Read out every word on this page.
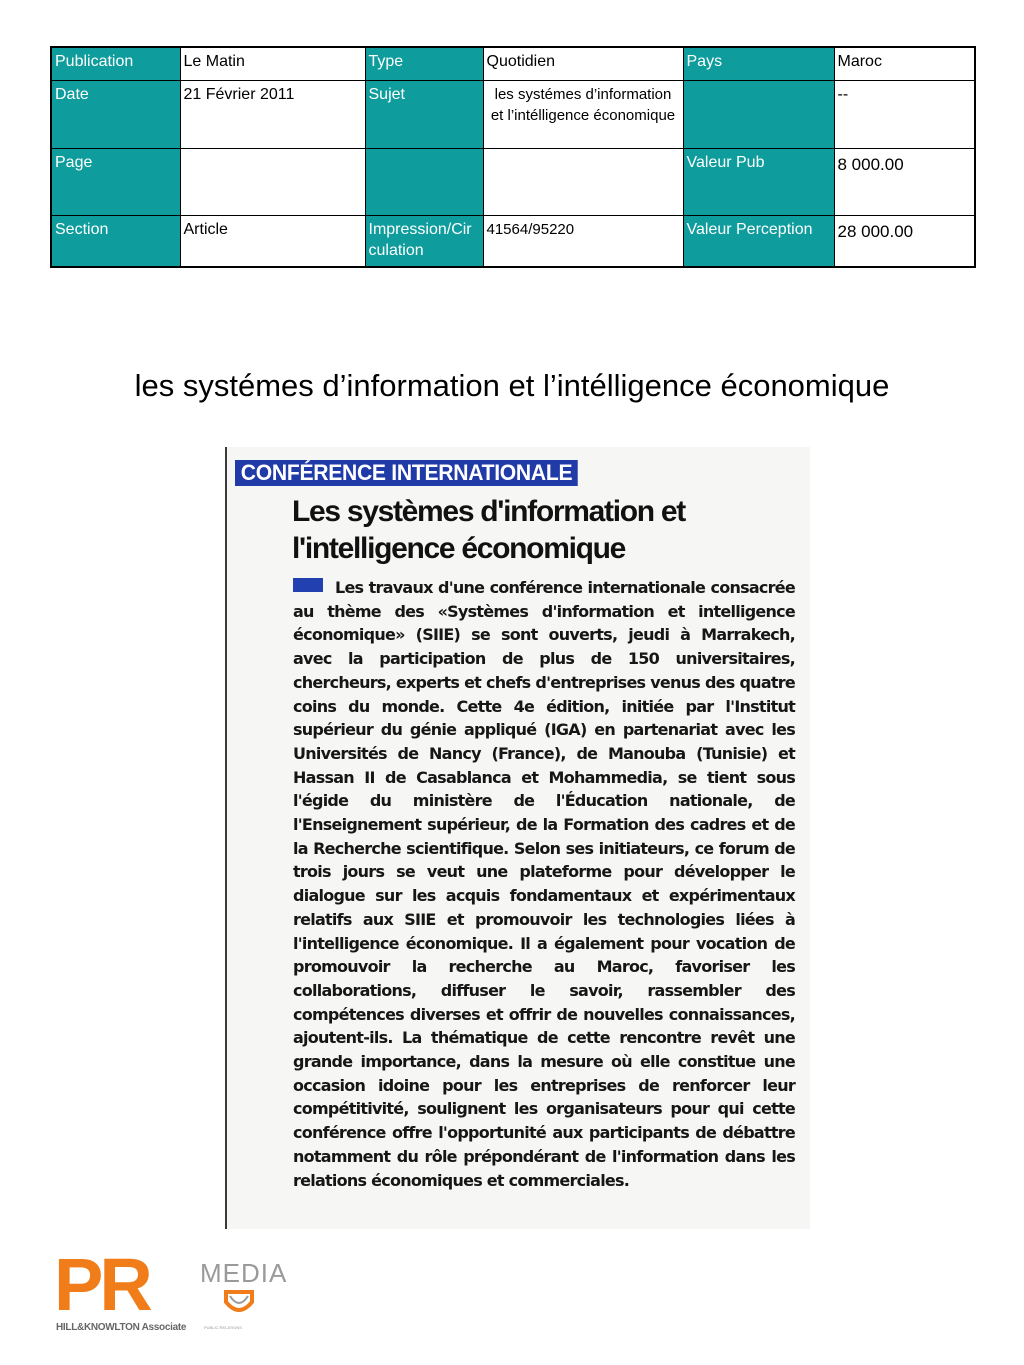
Publication	Le Matin	Type	Quotidien	Pays	Maroc
Date	21 Février 2011	Sujet	les systémes d’information et l’intélligence économique		--
Page				Valeur Pub	8 000.00
Section	Article	Impression/Circulation	41564/95220	Valeur Perception	28 000.00
les systémes d’information et l’intélligence économique
CONFÉRENCE INTERNATIONALE
Les systèmes d'information et l'intelligence économique

Les travaux d'une conférence internationale consacrée au thème des «Systèmes d'information et intelligence économique» (SIIE) se sont ouverts, jeudi à Marrakech, avec la participation de plus de 150 universitaires, chercheurs, experts et chefs d'entreprises venus des quatre coins du monde. Cette 4e édition, initiée par l'Institut supérieur du génie appliqué (IGA) en partenariat avec les Universités de Nancy (France), de Manouba (Tunisie) et Hassan II de Casablanca et Mohammedia, se tient sous l'égide du ministère de l'Éducation nationale, de l'Enseignement supérieur, de la Formation des cadres et de la Recherche scientifique. Selon ses initiateurs, ce forum de trois jours se veut une plateforme pour développer le dialogue sur les acquis fondamentaux et expérimentaux relatifs aux SIIE et promouvoir les technologies liées à l'intelligence économique. Il a également pour vocation de promouvoir la recherche au Maroc, favoriser les collaborations, diffuser le savoir, rassembler des compétences diverses et offrir de nouvelles connaissances, ajoutent-ils. La thématique de cette rencontre revêt une grande importance, dans la mesure où elle constitue une occasion idoine pour les entreprises de renforcer leur compétitivité, soulignent les organisateurs pour qui cette conférence offre l'opportunité aux participants de débattre notamment du rôle prépondérant de l'information dans les relations économiques et commerciales.

PR MEDIA
HILL&KNOWLTON Associate	PUBLIC RELATIONS
